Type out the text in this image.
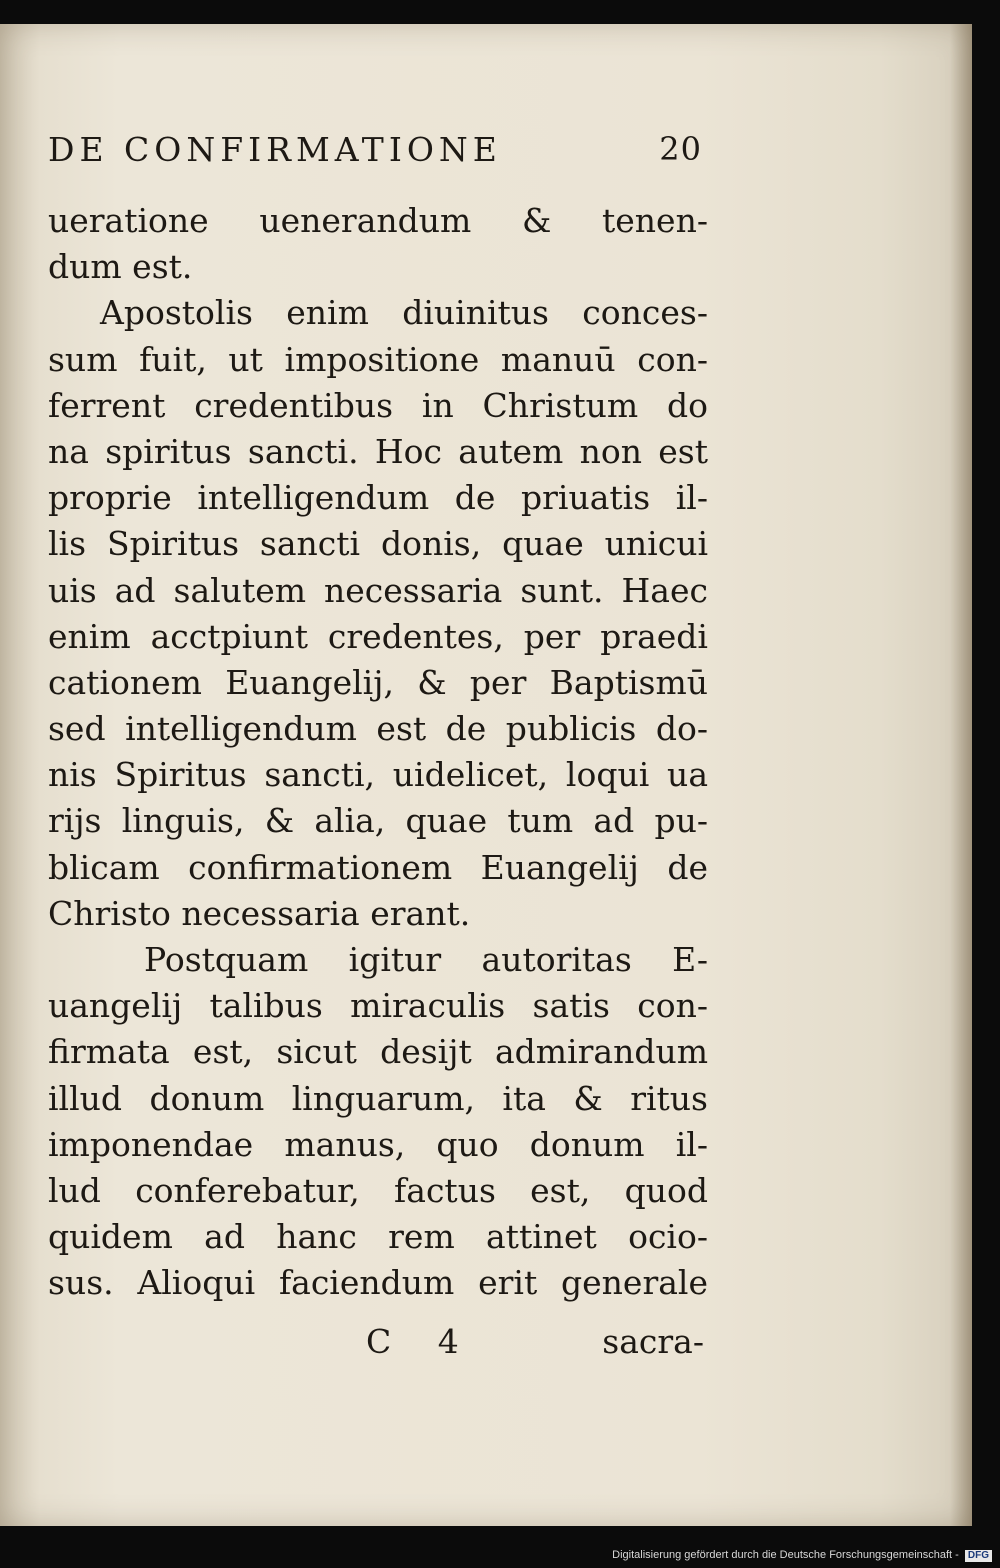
DE CONFIRMATIONE	20
ueratione uenerandum & tenen-
dum est.
Apostolis enim diuinitus conces-
sum fuit, ut impositione manuū con-
ferrent credentibus in Christum do
na spiritus sancti. Hoc autem non est
proprie intelligendum de priuatis il-
lis Spiritus sancti donis, quae unicui
uis ad salutem necessaria sunt. Haec
enim acctpiunt credentes, per praedi
cationem Euangelij, & per Baptismū
sed intelligendum est de publicis do-
nis Spiritus sancti, uidelicet, loqui ua
rijs linguis, & alia, quae tum ad pu-
blicam confirmationem Euangelij de
Christo necessaria erant.
Postquam igitur autoritas E-
uangelij talibus miraculis satis con-
firmata est, sicut desijt admirandum
illud donum linguarum, ita & ritus
imponendae manus, quo donum il-
lud conferebatur, factus est, quod
quidem ad hanc rem attinet ocio-
sus. Alioqui faciendum erit generale
C 4	sacra-
Digitalisierung gefördert durch die Deutsche Forschungsgemeinschaft - DFG
